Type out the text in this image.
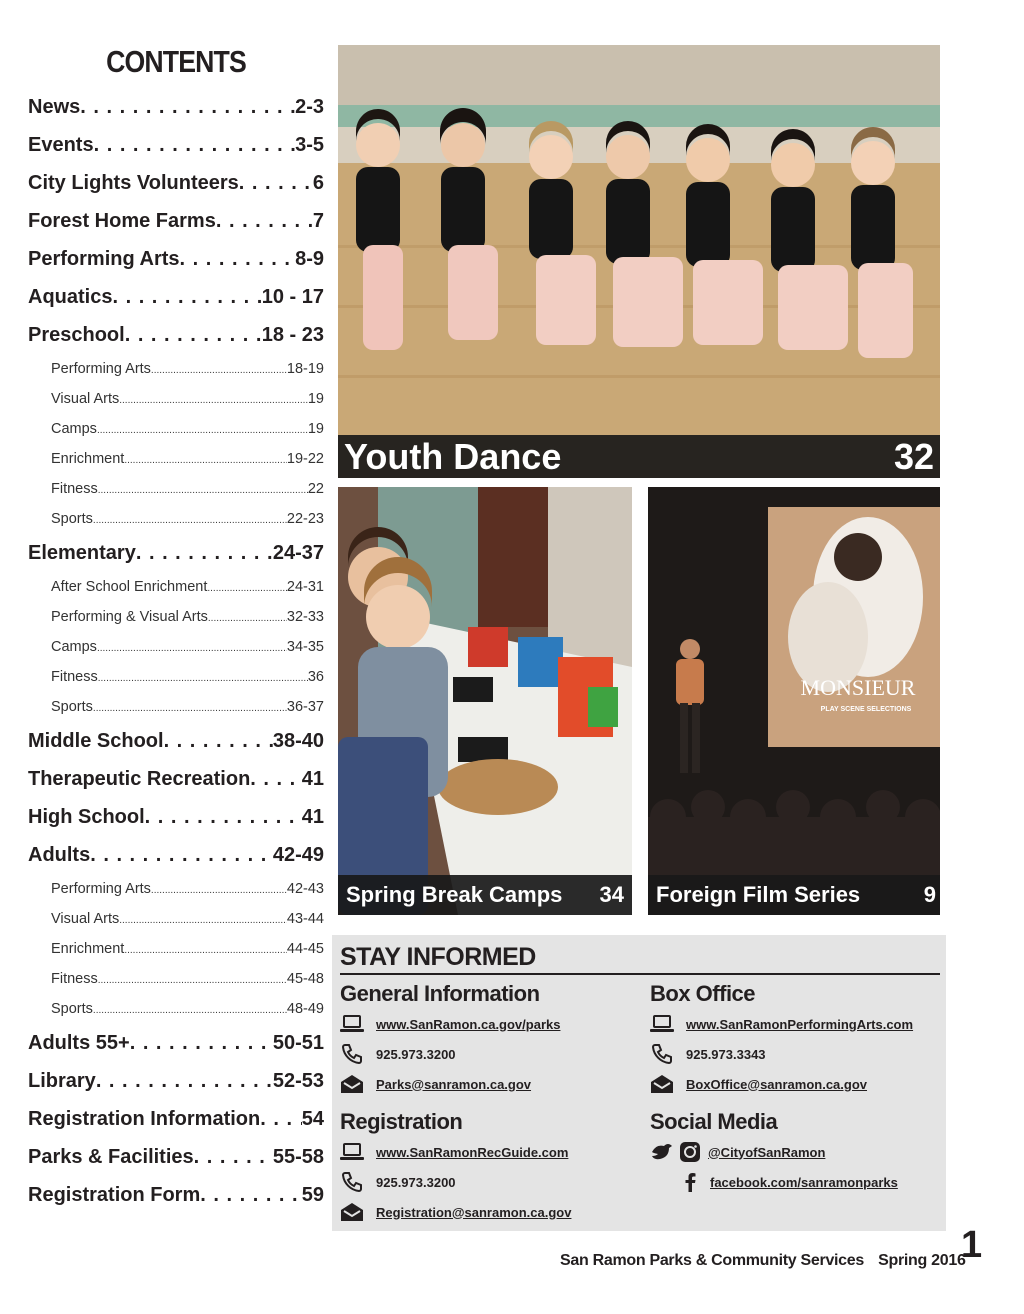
CONTENTS
News . . .	2-3
Events . . .	3-5
City Lights Volunteers . . .	6
Forest Home Farms . . .	7
Performing Arts . . .	8-9
Aquatics . . .	10 - 17
Preschool . . .	18 - 23
Performing Arts .....	18-19
Visual Arts .....	19
Camps .....	19
Enrichment .....	19-22
Fitness .....	22
Sports .....	22-23
Elementary . . .	24-37
After School Enrichment .....	24-31
Performing & Visual Arts .....	32-33
Camps .....	34-35
Fitness .....	36
Sports .....	36-37
Middle School . . .	38-40
Therapeutic Recreation . . .	41
High School . . .	41
Adults . . .	42-49
Performing Arts .....	42-43
Visual Arts .....	43-44
Enrichment .....	44-45
Fitness .....	45-48
Sports .....	48-49
Adults 55+ . . .	50-51
Library . . .	52-53
Registration Information . . . 54
Parks & Facilities . . .	55-58
Registration Form . . .	59
Youth Dance	32
Spring Break Camps 34
MONSIEUR
PLAY SCENE SELECTIONS
Foreign Film Series	9
STAY INFORMED
General Information
www.SanRamon.ca.gov/parks
925.973.3200
Parks@sanramon.ca.gov
Box Office
www.SanRamonPerformingArts.com
925.973.3343
BoxOffice@sanramon.ca.gov
Registration
www.SanRamonRecGuide.com
925.973.3200
Registration@sanramon.ca.gov
Social Media
@CityofSanRamon
facebook.com/sanramonparks
San Ramon Parks & Community Services Spring 2016
1
